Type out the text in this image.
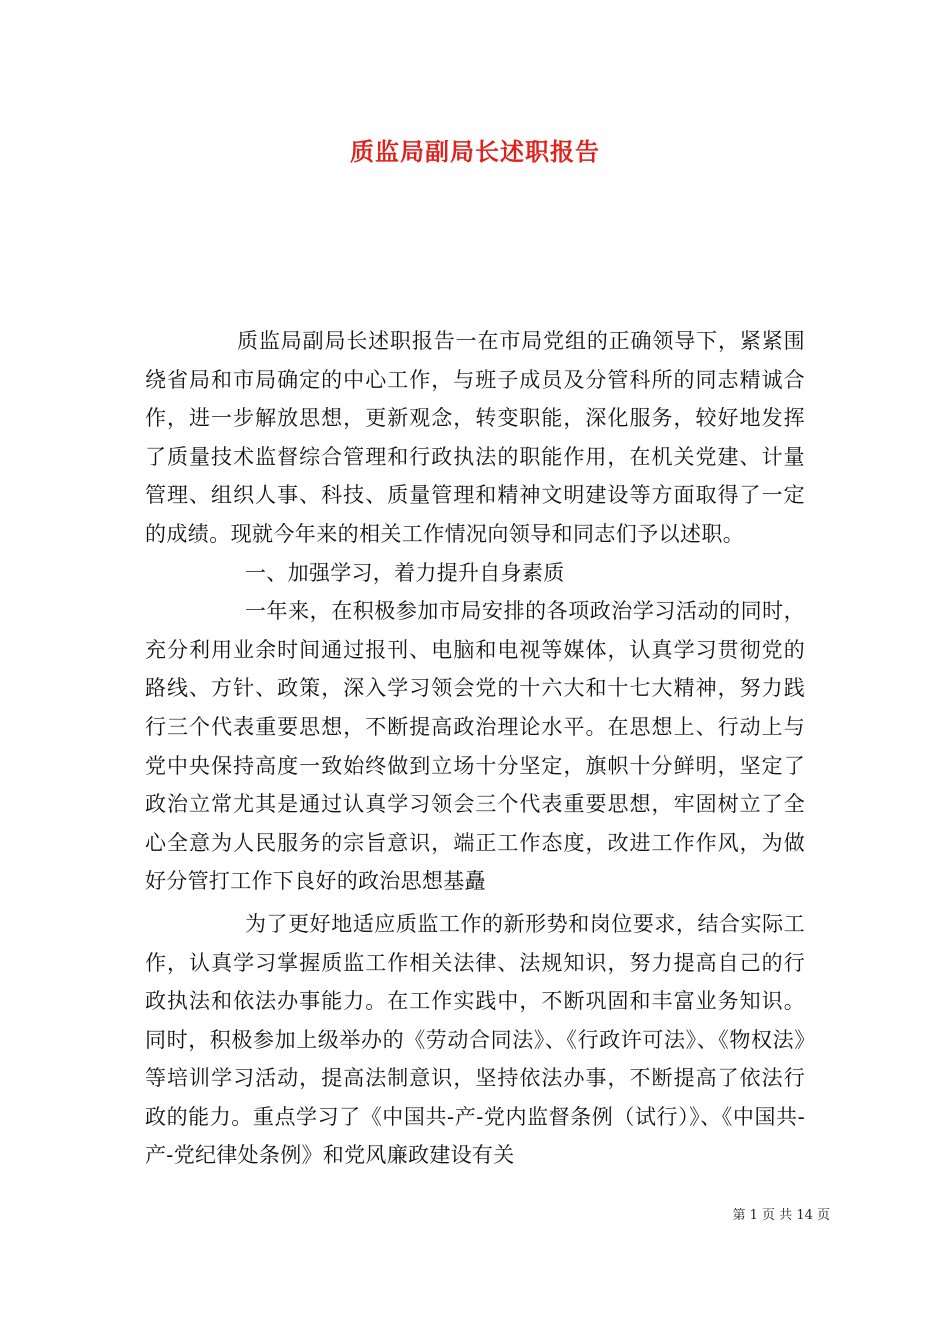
质监局副局长述职报告

质监局副局长述职报告一在市局党组的正确领导下，紧紧围绕省局和市局确定的中心工作，与班子成员及分管科所的同志精诚合作，进一步解放思想，更新观念，转变职能，深化服务，较好地发挥了质量技术监督综合管理和行政执法的职能作用，在机关党建、计量管理、组织人事、科技、质量管理和精神文明建设等方面取得了一定的成绩。现就今年来的相关工作情况向领导和同志们予以述职。

一、加强学习，着力提升自身素质

一年来，在积极参加市局安排的各项政治学习活动的同时，充分利用业余时间通过报刊、电脑和电视等媒体，认真学习贯彻党的路线、方针、政策，深入学习领会党的十六大和十七大精神，努力践行三个代表重要思想，不断提高政治理论水平。在思想上、行动上与党中央保持高度一致始终做到立场十分坚定，旗帜十分鲜明，坚定了政治立常尤其是通过认真学习领会三个代表重要思想，牢固树立了全心全意为人民服务的宗旨意识，端正工作态度，改进工作作风，为做好分管打工作下良好的政治思想基矗

为了更好地适应质监工作的新形势和岗位要求，结合实际工作，认真学习掌握质监工作相关法律、法规知识，努力提高自己的行政执法和依法办事能力。在工作实践中，不断巩固和丰富业务知识。同时，积极参加上级举办的《劳动合同法》、《行政许可法》、《物权法》等培训学习活动，提高法制意识，坚持依法办事，不断提高了依法行政的能力。重点学习了《中国共-产-党内监督条例（试行）》、《中国共-产-党纪律处条例》和党风廉政建设有关

第 1 页 共 14 页
